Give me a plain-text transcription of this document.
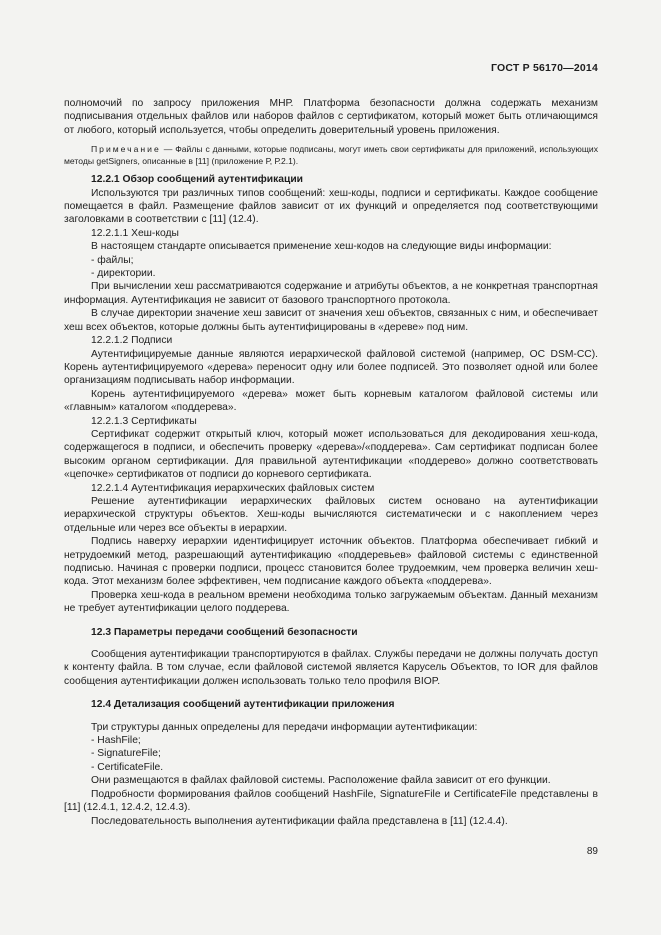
ГОСТ Р 56170—2014

полномочий по запросу приложения МНР. Платформа безопасности должна содержать механизм подписывания отдельных файлов или наборов файлов с сертификатом, который может быть отличающимся от любого, который используется, чтобы определить доверительный уровень приложения.

Примечание — Файлы с данными, которые подписаны, могут иметь свои сертификаты для приложений, использующих методы getSigners, описанные в [11] (приложение Р, Р.2.1).

12.2.1 Обзор сообщений аутентификации

Используются три различных типов сообщений: хеш-коды, подписи и сертификаты. Каждое сообщение помещается в файл. Размещение файлов зависит от их функций и определяется под соответствующими заголовками в соответствии с [11] (12.4).

12.2.1.1 Хеш-коды

В настоящем стандарте описывается применение хеш-кодов на следующие виды информации:

- файлы;

- директории.

При вычислении хеш рассматриваются содержание и атрибуты объектов, а не конкретная транспортная информация. Аутентификация не зависит от базового транспортного протокола.

В случае директории значение хеш зависит от значения хеш объектов, связанных с ним, и обеспечивает хеш всех объектов, которые должны быть аутентифицированы в «дереве» под ним.

12.2.1.2 Подписи

Аутентифицируемые данные являются иерархической файловой системой (например, ОС DSM-CC). Корень аутентифицируемого «дерева» переносит одну или более подписей. Это позволяет одной или более организациям подписывать набор информации.

Корень аутентифицируемого «дерева» может быть корневым каталогом файловой системы или «главным» каталогом «поддерева».

12.2.1.3 Сертификаты

Сертификат содержит открытый ключ, который может использоваться для декодирования хеш-кода, содержащегося в подписи, и обеспечить проверку «дерева»/«поддерева». Сам сертификат подписан более высоким органом сертификации. Для правильной аутентификации «поддерево» должно соответствовать «цепочке» сертификатов от подписи до корневого сертификата.

12.2.1.4 Аутентификация иерархических файловых систем

Решение аутентификации иерархических файловых систем основано на аутентификации иерархической структуры объектов. Хеш-коды вычисляются систематически и с накоплением через отдельные или через все объекты в иерархии.

Подпись наверху иерархии идентифицирует источник объектов. Платформа обеспечивает гибкий и нетрудоемкий метод, разрешающий аутентификацию «поддеревьев» файловой системы с единственной подписью. Начиная с проверки подписи, процесс становится более трудоемким, чем проверка величин хеш-кода. Этот механизм более эффективен, чем подписание каждого объекта «поддерева».

Проверка хеш-кода в реальном времени необходима только загружаемым объектам. Данный механизм не требует аутентификации целого поддерева.

12.3 Параметры передачи сообщений безопасности

Сообщения аутентификации транспортируются в файлах. Службы передачи не должны получать доступ к контенту файла. В том случае, если файловой системой является Карусель Объектов, то IOR для файлов сообщения аутентификации должен использовать только тело профиля BIOP.

12.4 Детализация сообщений аутентификации приложения

Три структуры данных определены для передачи информации аутентификации:

- HashFile;

- SignatureFile;

- CertificateFile.

Они размещаются в файлах файловой системы. Расположение файла зависит от его функции.

Подробности формирования файлов сообщений HashFile, SignatureFile и CertificateFile представлены в [11] (12.4.1, 12.4.2, 12.4.3).

Последовательность выполнения аутентификации файла представлена в [11] (12.4.4).

89
